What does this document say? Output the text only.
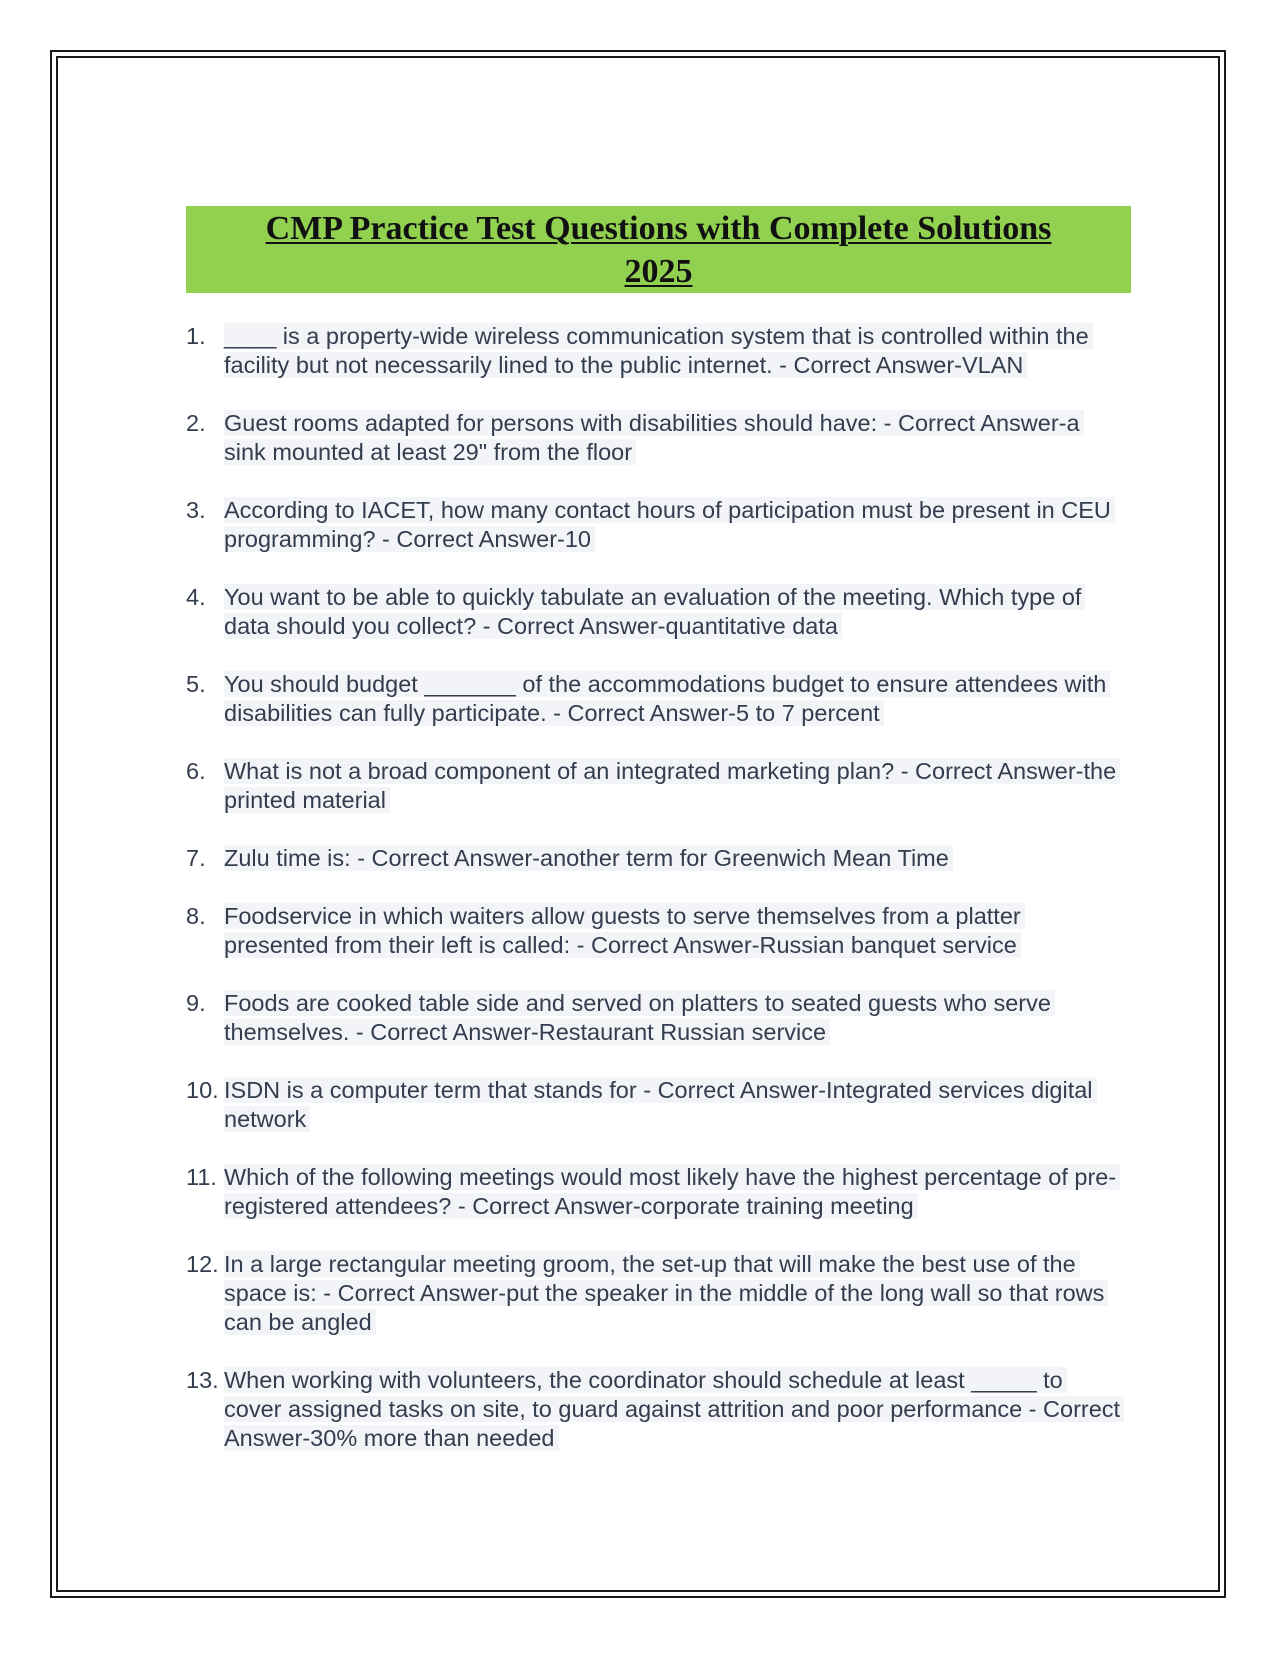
CMP Practice Test Questions with Complete Solutions
2025
1. ____ is a property-wide wireless communication system that is controlled within the facility but not necessarily lined to the public internet. - Correct Answer-VLAN
2. Guest rooms adapted for persons with disabilities should have: - Correct Answer-a sink mounted at least 29" from the floor
3. According to IACET, how many contact hours of participation must be present in CEU programming? - Correct Answer-10
4. You want to be able to quickly tabulate an evaluation of the meeting. Which type of data should you collect? - Correct Answer-quantitative data
5. You should budget _______ of the accommodations budget to ensure attendees with disabilities can fully participate. - Correct Answer-5 to 7 percent
6. What is not a broad component of an integrated marketing plan? - Correct Answer-the printed material
7. Zulu time is: - Correct Answer-another term for Greenwich Mean Time
8. Foodservice in which waiters allow guests to serve themselves from a platter presented from their left is called: - Correct Answer-Russian banquet service
9. Foods are cooked table side and served on platters to seated guests who serve themselves. - Correct Answer-Restaurant Russian service
10. ISDN is a computer term that stands for - Correct Answer-Integrated services digital network
11. Which of the following meetings would most likely have the highest percentage of pre-registered attendees? - Correct Answer-corporate training meeting
12. In a large rectangular meeting groom, the set-up that will make the best use of the space is: - Correct Answer-put the speaker in the middle of the long wall so that rows can be angled
13. When working with volunteers, the coordinator should schedule at least _____ to cover assigned tasks on site, to guard against attrition and poor performance - Correct Answer-30% more than needed
